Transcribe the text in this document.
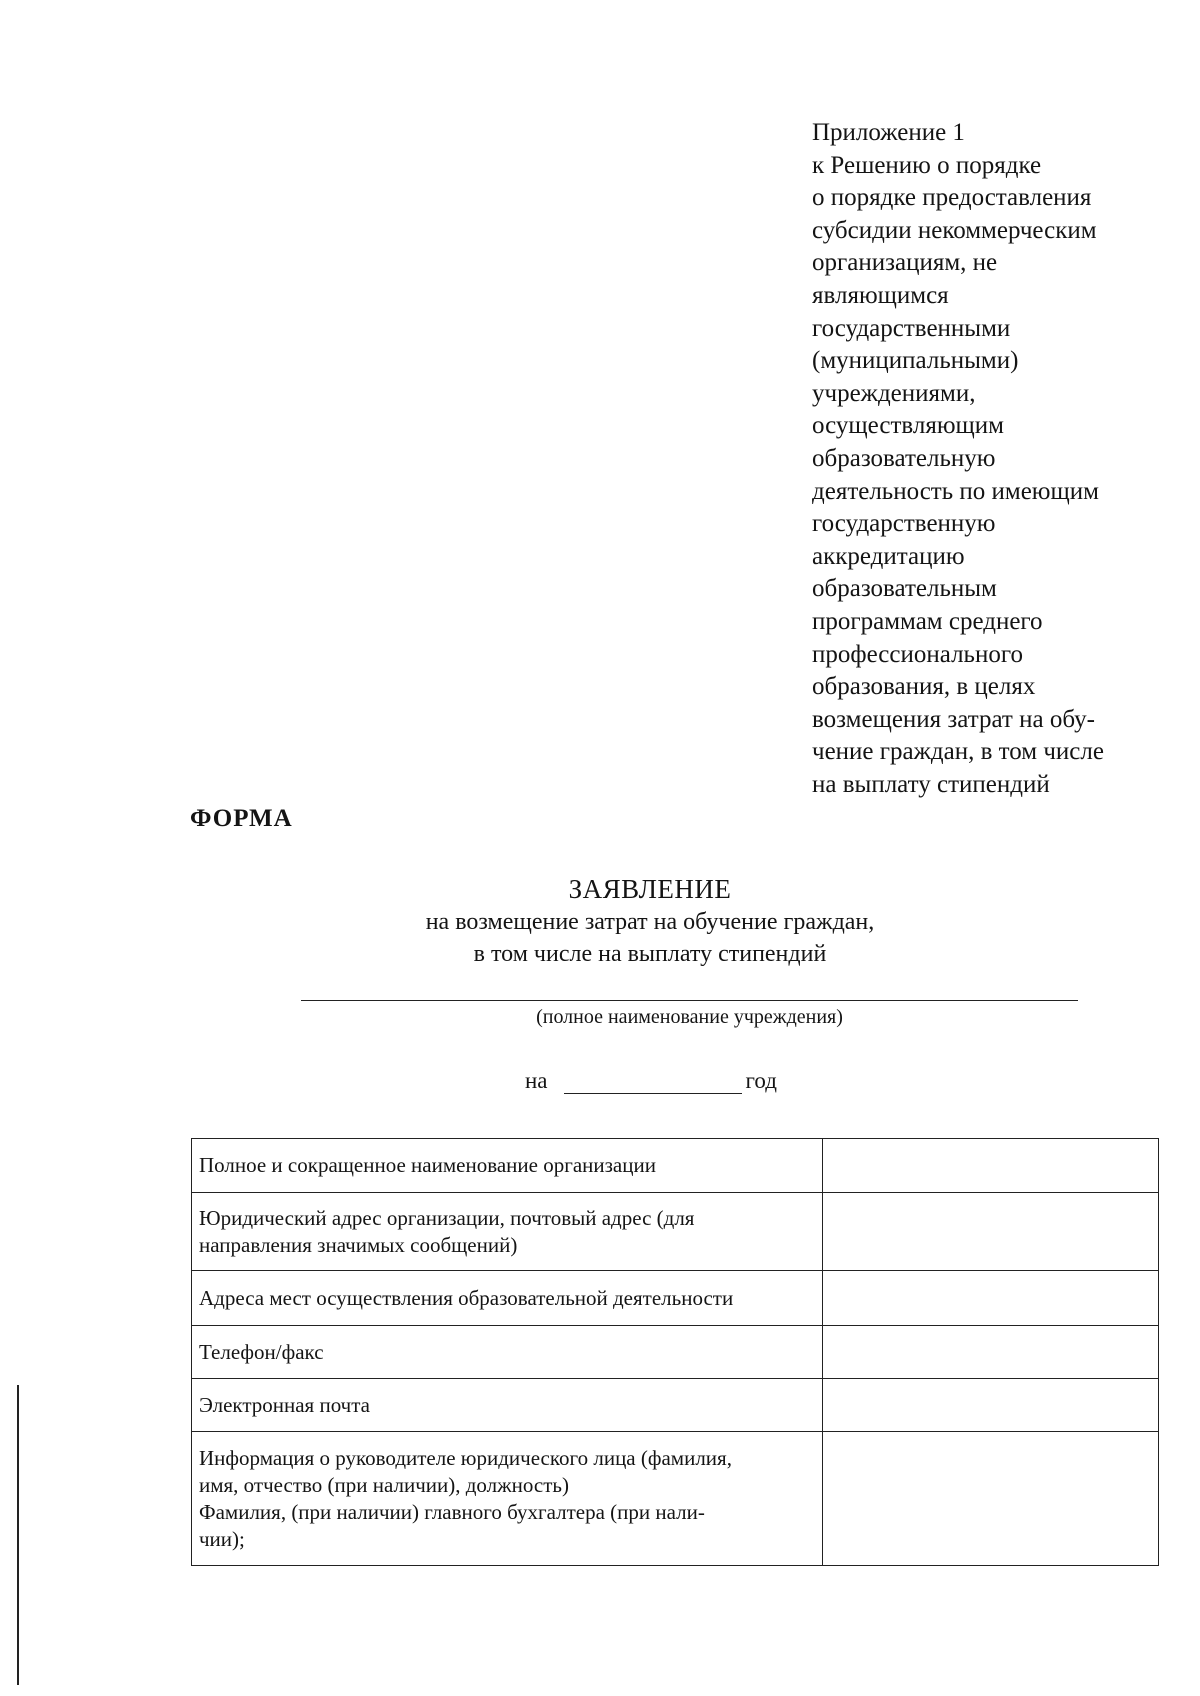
Приложение 1
к Решению о порядке
о порядке предоставления
субсидии некоммерческим
организациям, не
являющимся
государственными
(муниципальными)
учреждениями,
осуществляющим
образовательную
деятельность по имеющим
государственную
аккредитацию
образовательным
программам среднего
профессионального
образования, в целях
возмещения затрат на обу-
чение граждан, в том числе
на выплату стипендий
ФОРМА
ЗАЯВЛЕНИЕ
на возмещение затрат на обучение граждан,
в том числе на выплату стипендий
(полное наименование учреждения)
на	год
Полное и сокращенное наименование организации	

Юридический адрес организации, почтовый адрес (для
направления значимых сообщений)	

Адреса мест осуществления образовательной деятельности	

Телефон/факс	

Электронная почта	

Информация о руководителе юридического лица (фамилия,
имя, отчество (при наличии), должность)
Фамилия, (при наличии) главного бухгалтера (при нали-
чии);	
